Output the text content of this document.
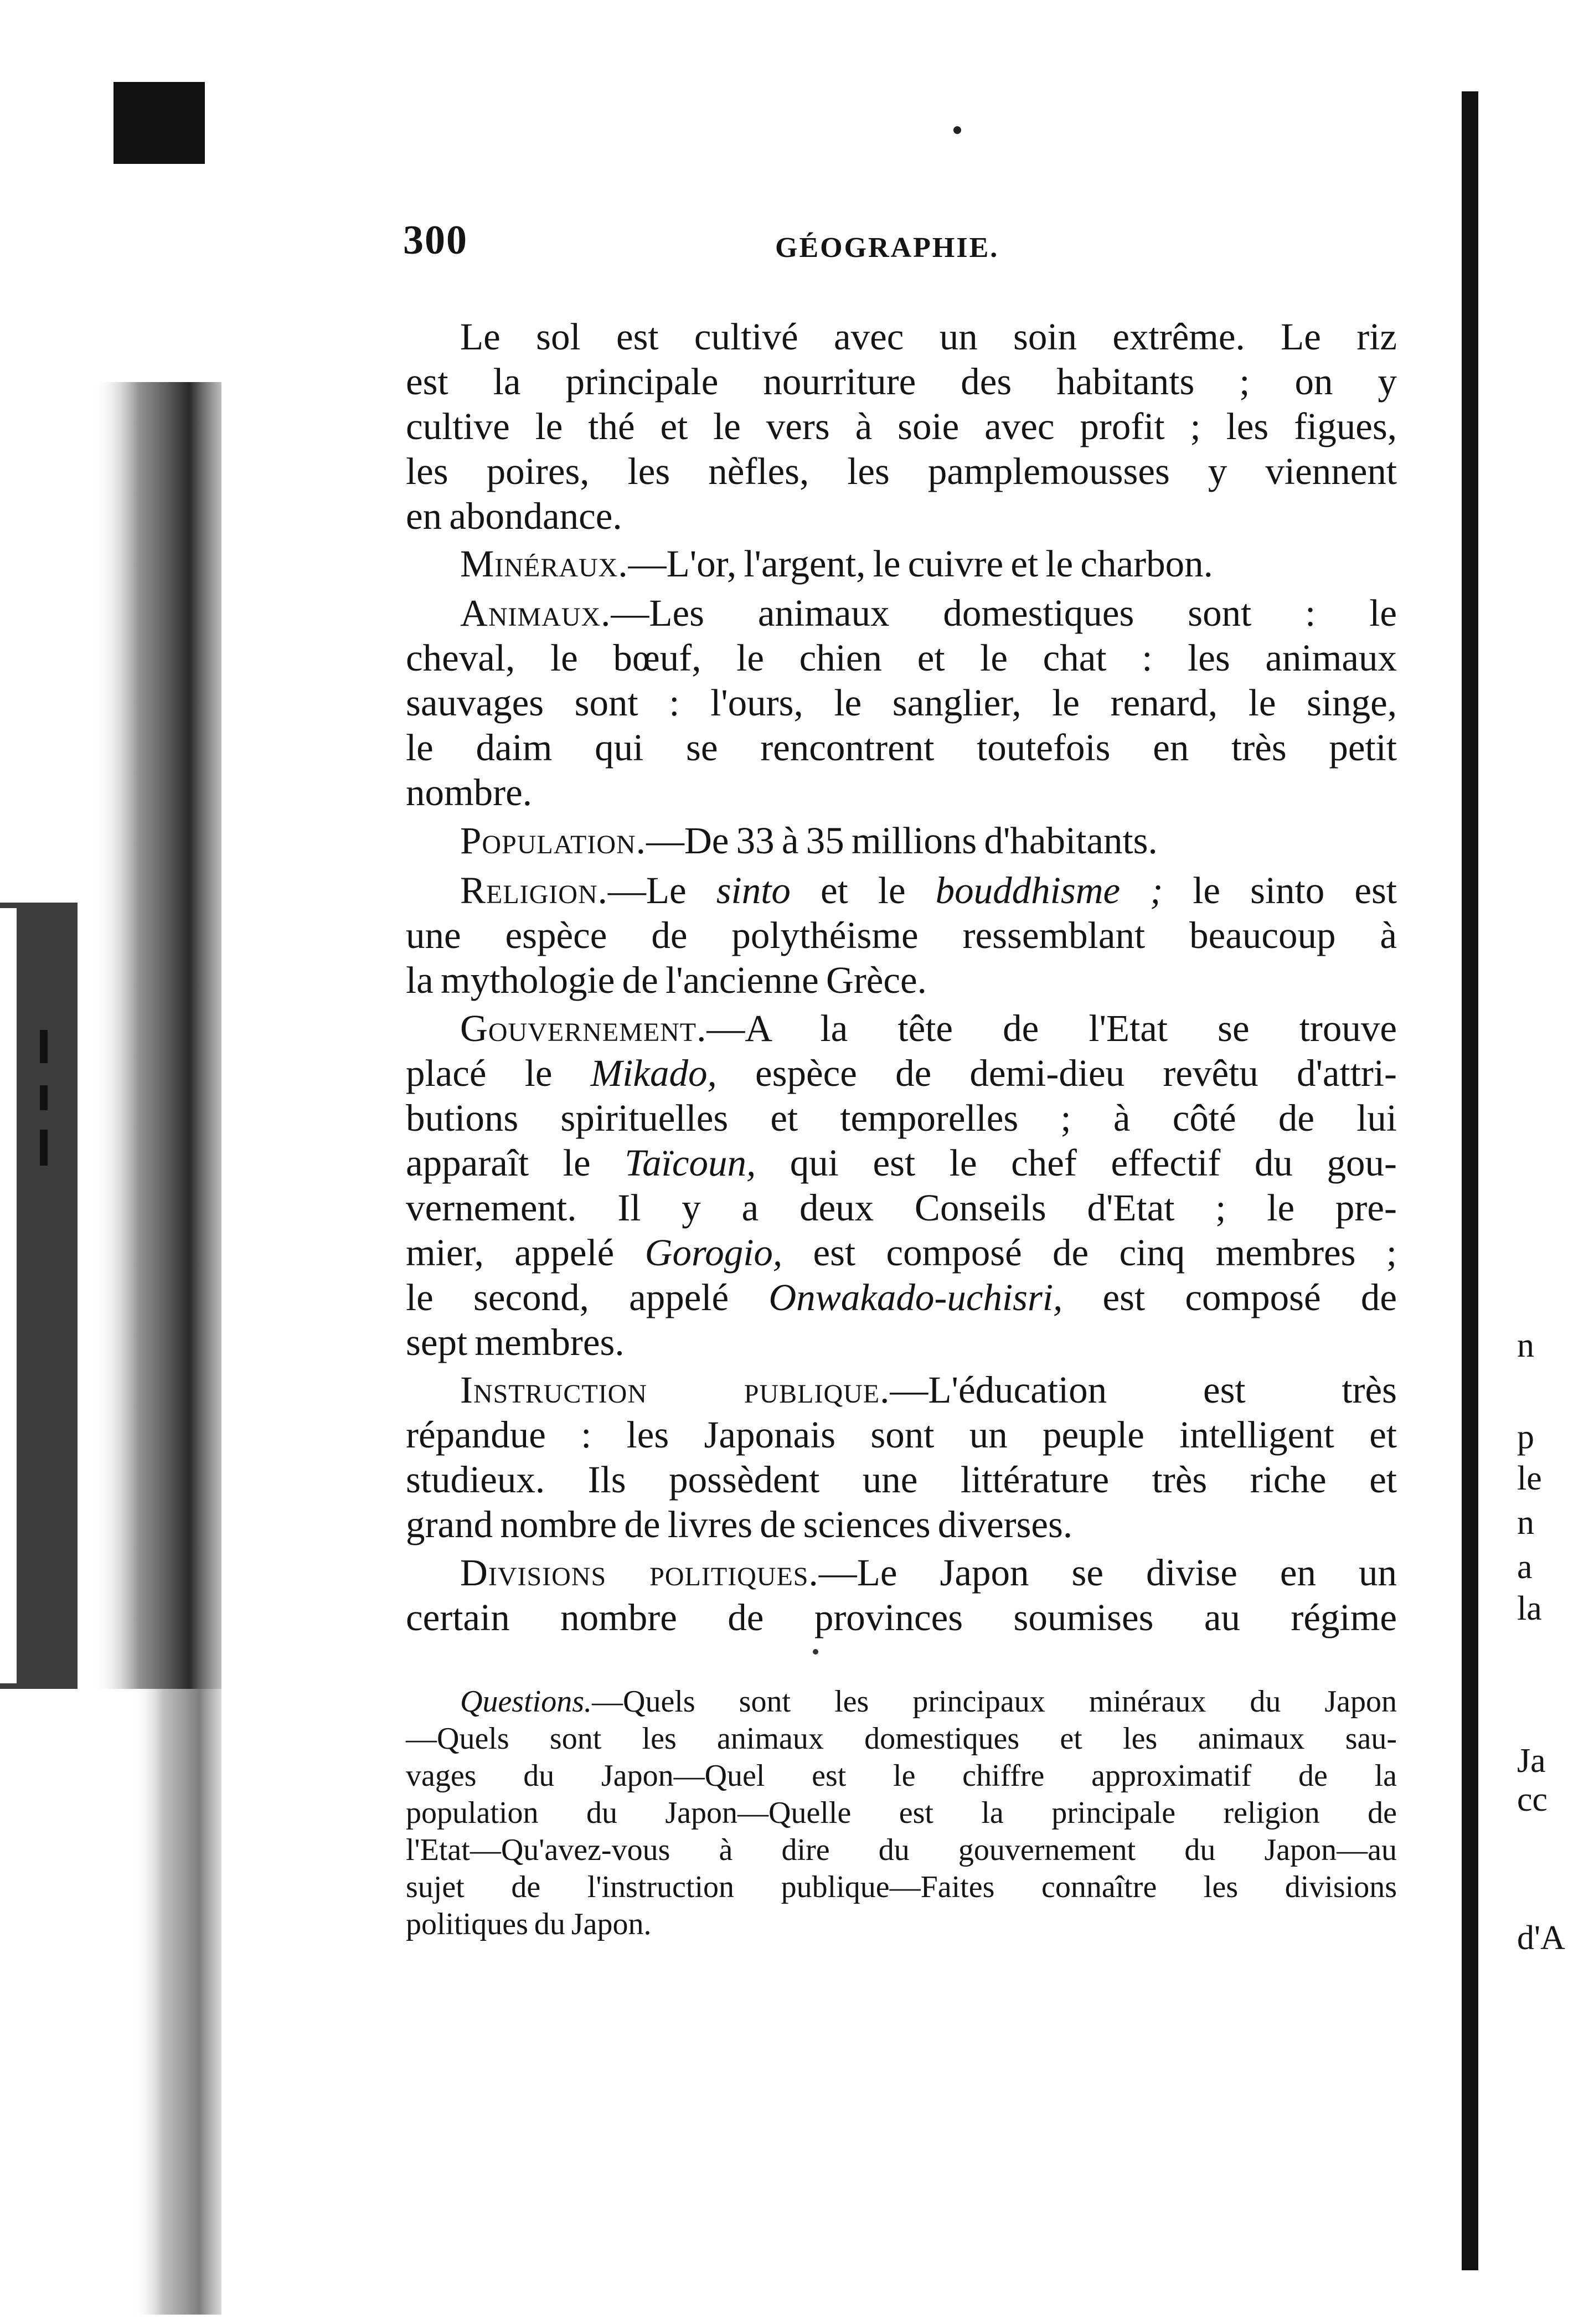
300	GÉOGRAPHIE.
Le sol est cultivé avec un soin extrême. Le riz
est la principale nourriture des habitants ; on y
cultive le thé et le vers à soie avec profit ; les figues,
les poires, les nèfles, les pamplemousses y viennent
en abondance.
Minéraux.—L'or, l'argent, le cuivre et le charbon.
Animaux.—Les animaux domestiques sont : le
cheval, le bœuf, le chien et le chat : les animaux
sauvages sont : l'ours, le sanglier, le renard, le singe,
le daim qui se rencontrent toutefois en très petit
nombre.
Population.—De 33 à 35 millions d'habitants.
Religion.—Le sinto et le bouddhisme ; le sinto est
une espèce de polythéisme ressemblant beaucoup à
la mythologie de l'ancienne Grèce.
Gouvernement.—A la tête de l'Etat se trouve
placé le Mikado, espèce de demi-dieu revêtu d'attri-
butions spirituelles et temporelles ; à côté de lui
apparaît le Taïcoun, qui est le chef effectif du gou-
vernement. Il y a deux Conseils d'Etat ; le pre-
mier, appelé Gorogio, est composé de cinq membres ;
le second, appelé Onwakado-uchisri, est composé de
sept membres.
Instruction publique.—L'éducation est très
répandue : les Japonais sont un peuple intelligent et
studieux. Ils possèdent une littérature très riche et
grand nombre de livres de sciences diverses.
Divisions politiques.—Le Japon se divise en un
certain nombre de provinces soumises au régime
Questions.—Quels sont les principaux minéraux du Japon
—Quels sont les animaux domestiques et les animaux sau-
vages du Japon—Quel est le chiffre approximatif de la
population du Japon—Quelle est la principale religion de
l'Etat—Qu'avez-vous à dire du gouvernement du Japon—au
sujet de l'instruction publique—Faites connaître les divisions
politiques du Japon.
n
p
le
n
a
la
Ja
cc
d'A
